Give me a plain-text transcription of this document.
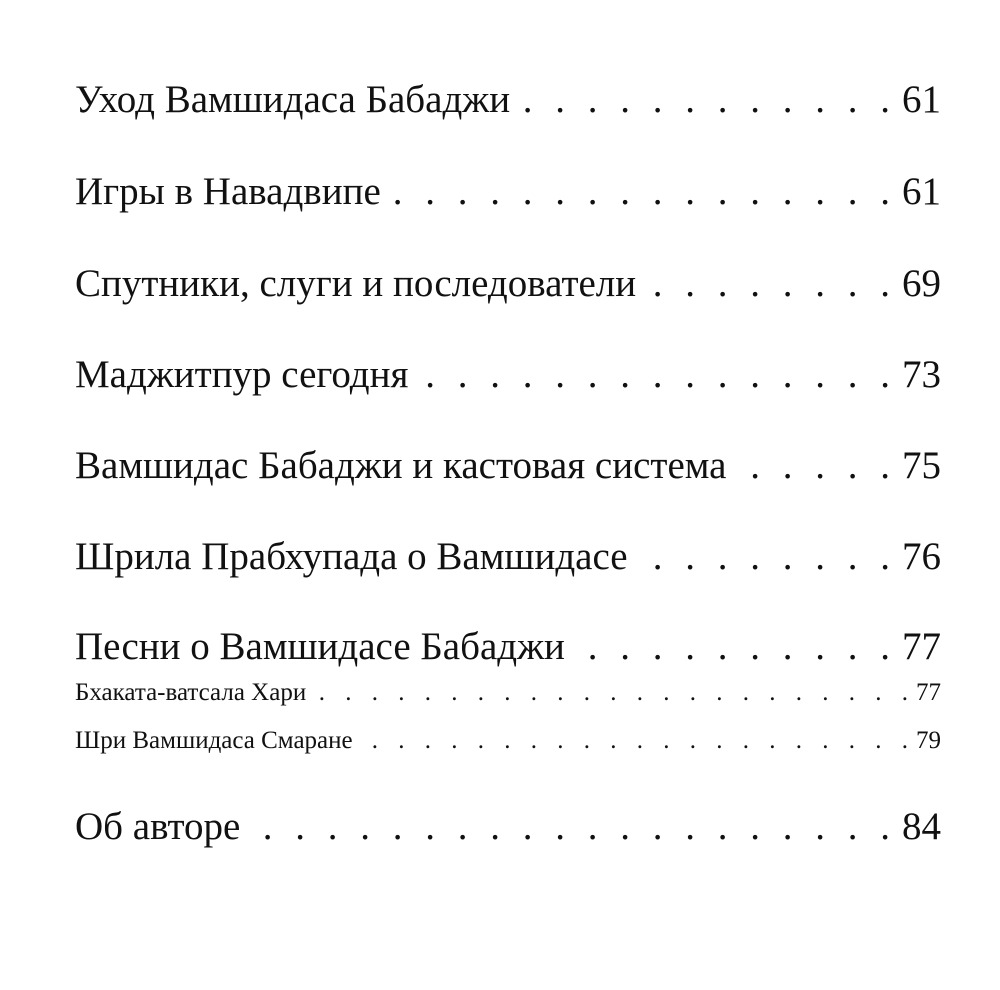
Уход Вамшидаса Бабаджи . . .	61
Игры в Навадвипе . . .	61
Спутники, слуги и последователи . . .	69
Маджитпур сегодня . . .	73
Вамшидас Бабаджи и кастовая система . . .	75
Шрила Прабхупада о Вамшидасе . . .	76
Песни о Вамшидасе Бабаджи . . .	77
Бхаката-ватсала Хари . . .	77
Шри Вамшидаса Смаране . . .	79
Об авторе . . .	84
